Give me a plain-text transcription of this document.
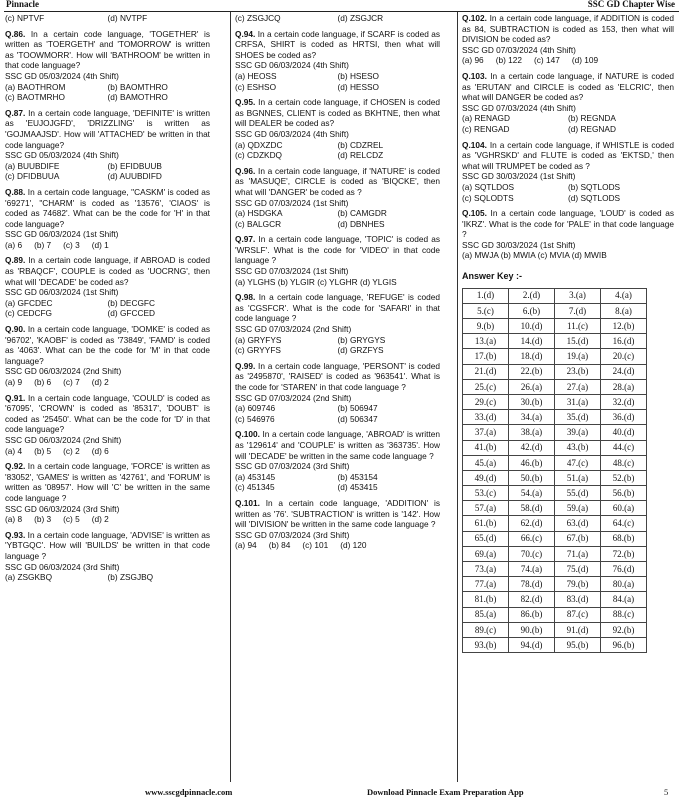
Pinnacle	SSC GD Chapter Wise
(c) NPTVF	(d) NVTPF
Q.86. In a certain code language, 'TOGETHER' is written as 'TOERGETH' and 'TOMORROW' is written as 'TOOWMORR'. How will 'BATHROOM' be written in that code language?
SSC GD 05/03/2024 (4th Shift)
(a) BAOTHROM	(b) BAOMTHRO
(c) BAOTMRHO	(d) BAMOTHRO
Q.87. In a certain code language, 'DEFINITE' is written as 'EUJOJGFD', 'DRIZZLING' is written as 'GOJMAAJSD'. How will 'ATTACHED' be written in that code language?
SSC GD 05/03/2024 (4th Shift)
(a) BUUBDIFE	(b) EFIDBUUB
(c) DFIDBUUA	(d) AUUBDIFD
Q.88. In a certain code language, "CASKM' is coded as '69271', "CHARM' is coded as '13576', 'CIAOS' is coded as 74682'. What can be the code for 'H' in that code language?
SSC GD 06/03/2024 (1st Shift)
(a) 6 (b) 7 (c) 3 (d) 1
Q.89. In a certain code language, if ABROAD is coded as 'RBAQCF', COUPLE is coded as 'UOCRNG', then what will 'DECADE' be coded as?
SSC GD 06/03/2024 (1st Shift)
(a) GFCDEC	(b) DECGFC
(c) CEDCFG	(d) GFCCED
Q.90. In a certain code language, 'DOMKE' is coded as '96702', 'KAOBF' is coded as '73849', 'FAMD' is coded as '4063'. What can be the code for 'M' in that code language?
SSC GD 06/03/2024 (2nd Shift)
(a) 9 (b) 6 (c) 7 (d) 2
Q.91. In a certain code language, 'COULD' is coded as '67095', 'CROWN' is coded as '85317', 'DOUBT' is coded as '25450'. What can be the code for 'D' in that code language?
SSC GD 06/03/2024 (2nd Shift)
(a) 4 (b) 5 (c) 2 (d) 6
Q.92. In a certain code language, 'FORCE' is written as '83052', 'GAMES' is written as '42761', and 'FORUM' is written as '08957'. How will 'C' be written in the same code language ?
SSC GD 06/03/2024 (3rd Shift)
(a) 8 (b) 3 (c) 5 (d) 2
Q.93. In a certain code language, 'ADVISE' is written as 'YBTGQC'. How will 'BUILDS' be written in that code language ?
SSC GD 06/03/2024 (3rd Shift)
(a) ZSGKBQ	(b) ZSGJBQ
(c) ZSGJCQ	(d) ZSGJCR
Q.94. In a certain code language, if SCARF is coded as CRFSA, SHIRT is coded as HRTSI, then what will SHOES be coded as?
SSC GD 06/03/2024 (4th Shift)
(a) HEOSS	(b) HSESO
(c) ESHSO	(d) HESSO
Q.95. In a certain code language, if CHOSEN is coded as BGNNES, CLIENT is coded as BKHTNE, then what will DEALER be coded as?
SSC GD 06/03/2024 (4th Shift)
(a) QDXZDC	(b) CDZREL
(c) CDZKDQ	(d) RELCDZ
Q.96. In a certain code language, if 'NATURE' is coded as 'MASUQE', CIRCLE is coded as 'BIQCKE', then what will 'DANGER' be coded as ?
SSC GD 07/03/2024 (1st Shift)
(a) HSDGKA	(b) CAMGDR
(c) BALGCR	(d) DBNHES
Q.97. In a certain code language, 'TOPIC' is coded as 'WRSLF'. What is the code for 'VIDEO' in that code language ?
SSC GD 07/03/2024 (1st Shift)
(a) YLGHS (b) YLGIR (c) YLGHR (d) YLGIS
Q.98. In a certain code language, 'REFUGE' is coded as 'CGSFCR'. What is the code for 'SAFARI' in that code language ?
SSC GD 07/03/2024 (2nd Shift)
(a) GRYFYS	(b) GRYGYS
(c) GRYYFS	(d) GRZFYS
Q.99. In a certain code language, 'PERSONT' is coded as '2495870', 'RAISED' is coded as '963541'. What is the code for 'STAREN' in that code language ?
SSC GD 07/03/2024 (2nd Shift)
(a) 609746	(b) 506947
(c) 546976	(d) 506347
Q.100. In a certain code language, 'ABROAD' is written as '129614' and 'COUPLE' is written as '363735'. How will 'DECADE' be written in the same code language ?
SSC GD 07/03/2024 (3rd Shift)
(a) 453145	(b) 453154
(c) 451345	(d) 453415
Q.101. In a certain code language, 'ADDITION' is written as '76'. 'SUBTRACTION' is written is '142'. How will 'DIVISION' be written in the same code language ?
SSC GD 07/03/2024 (3rd Shift)
(a) 94 (b) 84 (c) 101 (d) 120
Q.102. In a certain code language, if ADDITION is coded as 84, SUBTRACTION is coded as 153, then what will DIVISION be coded as?
SSC GD 07/03/2024 (4th Shift)
(a) 96 (b) 122 (c) 147 (d) 109
Q.103. In a certain code language, if NATURE is coded as 'ERUTAN' and CIRCLE is coded as 'ELCRIC', then what will DANGER be coded as?
SSC GD 07/03/2024 (4th Shift)
(a) RENAGD	(b) REGNDA
(c) RENGAD	(d) REGNAD
Q.104. In a certain code language, if WHISTLE is coded as 'VGHRSKD' and FLUTE is coded as 'EKTSD,' then what will TRUMPET be coded as ?
SSC GD 30/03/2024 (1st Shift)
(a) SQTLDOS	(b) SQTLODS
(c) SQLODTS	(d) SQTLODS
Q.105. In a certain code language, 'LOUD' is coded as 'IKRZ'. What is the code for 'PALE' in that code language ?
SSC GD 30/03/2024 (1st Shift)
(a) MWJA (b) MWIA (c) MVIA (d) MWIB
Answer Key :-
1.(d)	2.(d)	3.(a)	4.(a)
5.(c)	6.(b)	7.(d)	8.(a)
9.(b)	10.(d)	11.(c)	12.(b)
13.(a)	14.(d)	15.(d)	16.(d)
17.(b)	18.(d)	19.(a)	20.(c)
21.(d)	22.(b)	23.(b)	24.(d)
25.(c)	26.(a)	27.(a)	28.(a)
29.(c)	30.(b)	31.(a)	32.(d)
33.(d)	34.(a)	35.(d)	36.(d)
37.(a)	38.(a)	39.(a)	40.(d)
41.(b)	42.(d)	43.(b)	44.(c)
45.(a)	46.(b)	47.(c)	48.(c)
49.(d)	50.(b)	51.(a)	52.(b)
53.(c)	54.(a)	55.(d)	56.(b)
57.(a)	58.(d)	59.(a)	60.(a)
61.(b)	62.(d)	63.(d)	64.(c)
65.(d)	66.(c)	67.(b)	68.(b)
69.(a)	70.(c)	71.(a)	72.(b)
73.(a)	74.(a)	75.(d)	76.(d)
77.(a)	78.(d)	79.(b)	80.(a)
81.(b)	82.(d)	83.(d)	84.(a)
85.(a)	86.(b)	87.(c)	88.(c)
89.(c)	90.(b)	91.(d)	92.(b)
93.(b)	94.(d)	95.(b)	96.(b)
www.sscgdpinnacle.com	Download Pinnacle Exam Preparation App	5
